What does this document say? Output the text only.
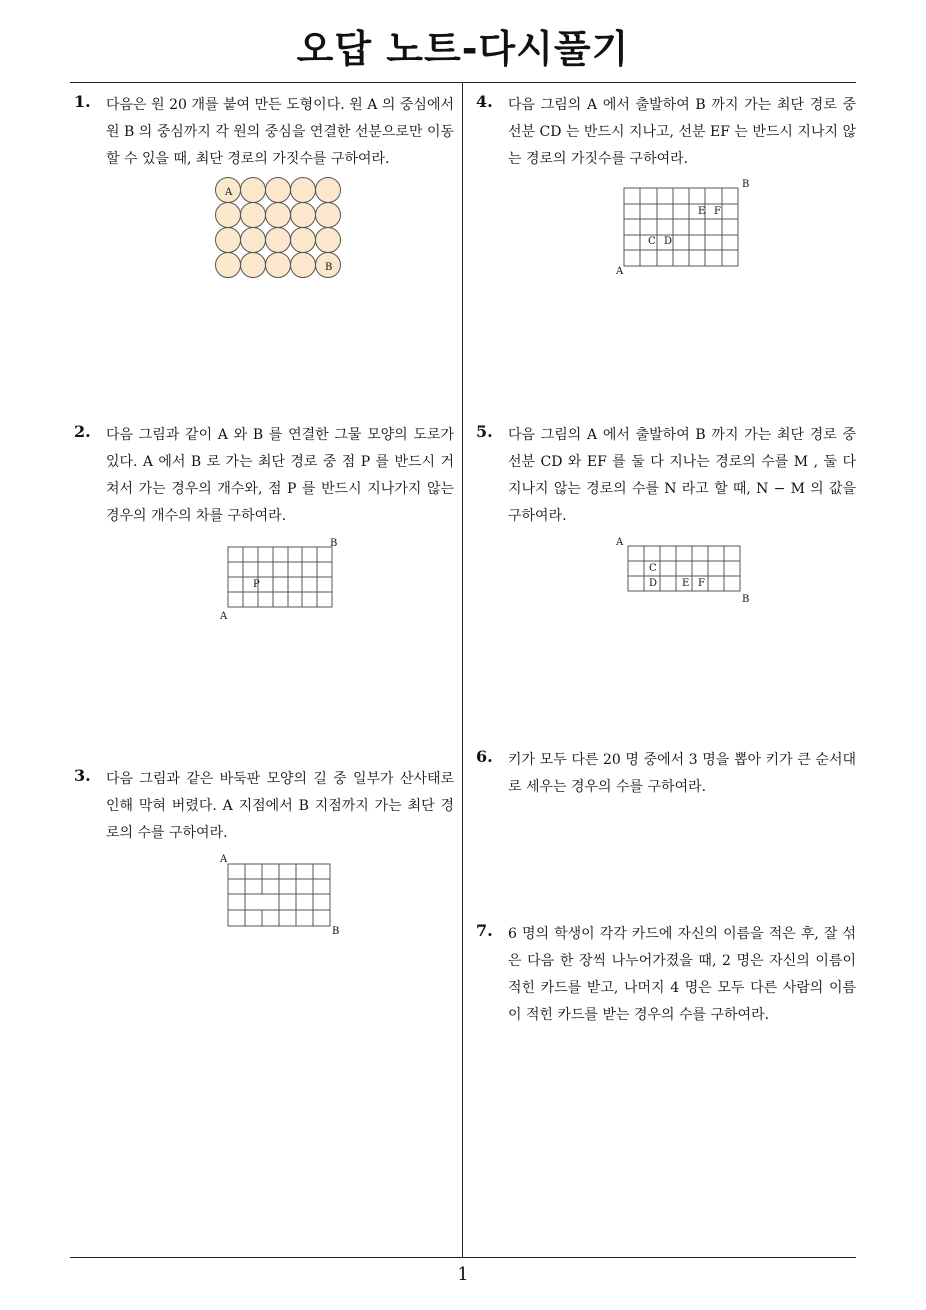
오답 노트-다시풀기
1. 다음은 원 20 개를 붙여 만든 도형이다. 원 A 의 중심에서 원 B 의 중심까지 각 원의 중심을 연결한 선분으로만 이동할 수 있을 때, 최단 경로의 가짓수를 구하여라.
A
B
2. 다음 그림과 같이 A 와 B 를 연결한 그물 모양의 도로가 있다. A 에서 B 로 가는 최단 경로 중 점 P 를 반드시 거쳐서 가는 경우의 개수와, 점 P 를 반드시 지나가지 않는 경우의 개수의 차를 구하여라.
B
A
P
3. 다음 그림과 같은 바둑판 모양의 길 중 일부가 산사태로 인해 막혀 버렸다. A 지점에서 B 지점까지 가는 최단 경로의 수를 구하여라.
A
B
4. 다음 그림의 A 에서 출발하여 B 까지 가는 최단 경로 중 선분 CD 는 반드시 지나고, 선분 EF 는 반드시 지나지 않는 경로의 가짓수를 구하여라.
B
A
C D
E F
5. 다음 그림의 A 에서 출발하여 B 까지 가는 최단 경로 중 선분 CD 와 EF 를 둘 다 지나는 경로의 수를 M , 둘 다 지나지 않는 경로의 수를 N 라고 할 때, N − M 의 값을 구하여라.
A
B
C
D E F
6. 키가 모두 다른 20 명 중에서 3 명을 뽑아 키가 큰 순서대로 세우는 경우의 수를 구하여라.
7. 6 명의 학생이 각각 카드에 자신의 이름을 적은 후, 잘 섞은 다음 한 장씩 나누어가졌을 때, 2 명은 자신의 이름이 적힌 카드를 받고, 나머지 4 명은 모두 다른 사람의 이름이 적힌 카드를 받는 경우의 수를 구하여라.
1
